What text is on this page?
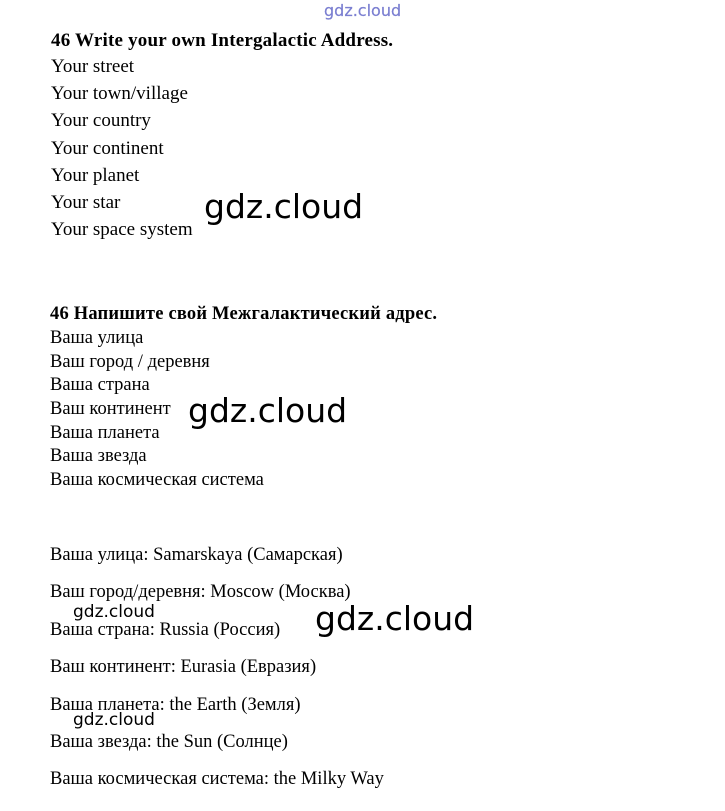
gdz.cloud
46 Write your own Intergalactic Address.
Your street
Your town/village
Your country
Your continent
Your planet
Your star
Your space system
gdz.cloud
46 Напишите свой Межгалактический адрес.
Ваша улица
Ваш город / деревня
Ваша страна
Ваш континент
Ваша планета
Ваша звезда
Ваша космическая система
gdz.cloud
Ваша улица: Samarskaya (Самарская)
Ваш город/деревня: Moscow (Москва)
Ваша страна: Russia (Россия)
Ваш континент: Eurasia (Евразия)
Ваша планета: the Earth (Земля)
Ваша звезда: the Sun (Солнце)
Ваша космическая система: the Milky Way
gdz.cloud	gdz.cloud
gdz.cloud
